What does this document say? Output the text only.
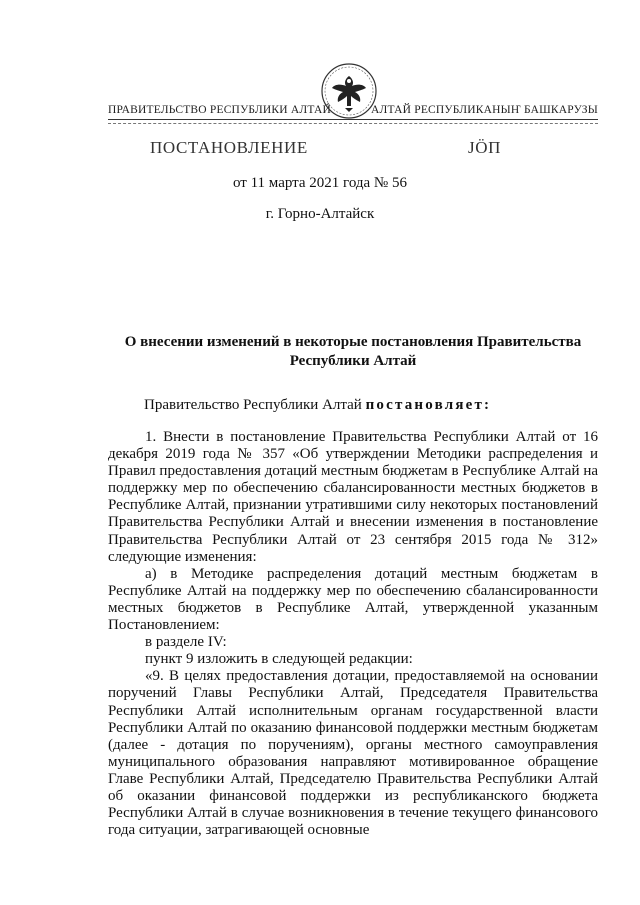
ПРАВИТЕЛЬСТВО РЕСПУБЛИКИ АЛТАЙ	АЛТАЙ РЕСПУБЛИКАНЫҤ БАШКАРУЗЫ
ПОСТАНОВЛЕНИЕ	JӦП
от 11 марта 2021 года № 56
г. Горно-Алтайск
О внесении изменений в некоторые постановления Правительства Республики Алтай
Правительство Республики Алтай постановляет:

1. Внести в постановление Правительства Республики Алтай от 16 декабря 2019 года № 357 «Об утверждении Методики распределения и Правил предоставления дотаций местным бюджетам в Республике Алтай на поддержку мер по обеспечению сбалансированности местных бюджетов в Республике Алтай, признании утратившими силу некоторых постановлений Правительства Республики Алтай и внесении изменения в постановление Правительства Республики Алтай от 23 сентября 2015 года № 312» следующие изменения:

а) в Методике распределения дотаций местным бюджетам в Республике Алтай на поддержку мер по обеспечению сбалансированности местных бюджетов в Республике Алтай, утвержденной указанным Постановлением:

в разделе IV:

пункт 9 изложить в следующей редакции:

«9. В целях предоставления дотации, предоставляемой на основании поручений Главы Республики Алтай, Председателя Правительства Республики Алтай исполнительным органам государственной власти Республики Алтай по оказанию финансовой поддержки местным бюджетам (далее - дотация по поручениям), органы местного самоуправления муниципального образования направляют мотивированное обращение Главе Республики Алтай, Председателю Правительства Республики Алтай об оказании финансовой поддержки из республиканского бюджета Республики Алтай в случае возникновения в течение текущего финансового года ситуации, затрагивающей основные
